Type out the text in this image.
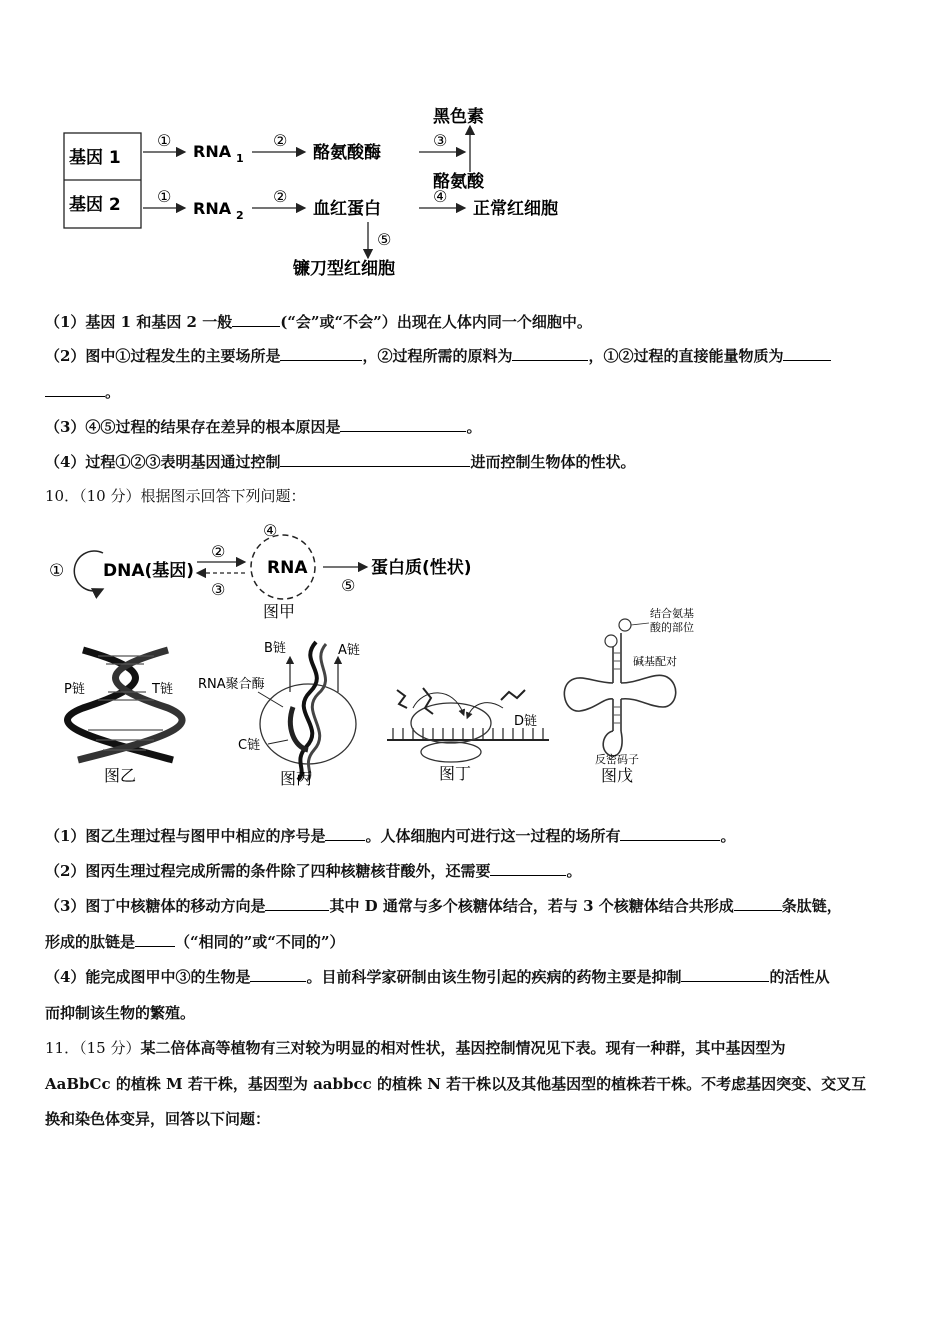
基因 1
基因 2
①
RNA 1
②
酪氨酸酶
③
黑色素
酪氨酸
①
RNA 2
②
血红蛋白
④
正常红细胞
⑤
镰刀型红细胞
（1）基因 1 和基因 2 一般	(“会”或“不会”）出现在人体内同一个细胞中。
（2）图中①过程发生的主要场所是	，②过程所需的原料为	，①②过程的直接能量物质为
。
（3）④⑤过程的结果存在差异的根本原因是	。
（4）过程①②③表明基因通过控制	进而控制生物体的性状。
10．（10 分）根据图示回答下列问题：
① DNA(基因)
②
③
④
RNA
⑤
蛋白质(性状)
图甲
P链	T链
图乙
B链	A链
RNA聚合酶
C链
图丙
D链
图丁
结合氨基
酸的部位
碱基配对
反密码子
图戊
（1）图乙生理过程与图甲中相应的序号是	。人体细胞内可进行这一过程的场所有	。
（2）图丙生理过程完成所需的条件除了四种核糖核苷酸外，还需要	。
（3）图丁中核糖体的移动方向是	其中 D 通常与多个核糖体结合，若与 3 个核糖体结合共形成	条肽链，
形成的肽链是	（“相同的”或“不同的”）
（4）能完成图甲中③的生物是	。目前科学家研制由该生物引起的疾病的药物主要是抑制	的活性从
而抑制该生物的繁殖。
11．（15 分）某二倍体高等植物有三对较为明显的相对性状，基因控制情况见下表。现有一种群，其中基因型为
AaBbCc 的植株 M 若干株，基因型为 aabbcc 的植株 N 若干株以及其他基因型的植株若干株。不考虑基因突变、交叉互
换和染色体变异，回答以下问题：
